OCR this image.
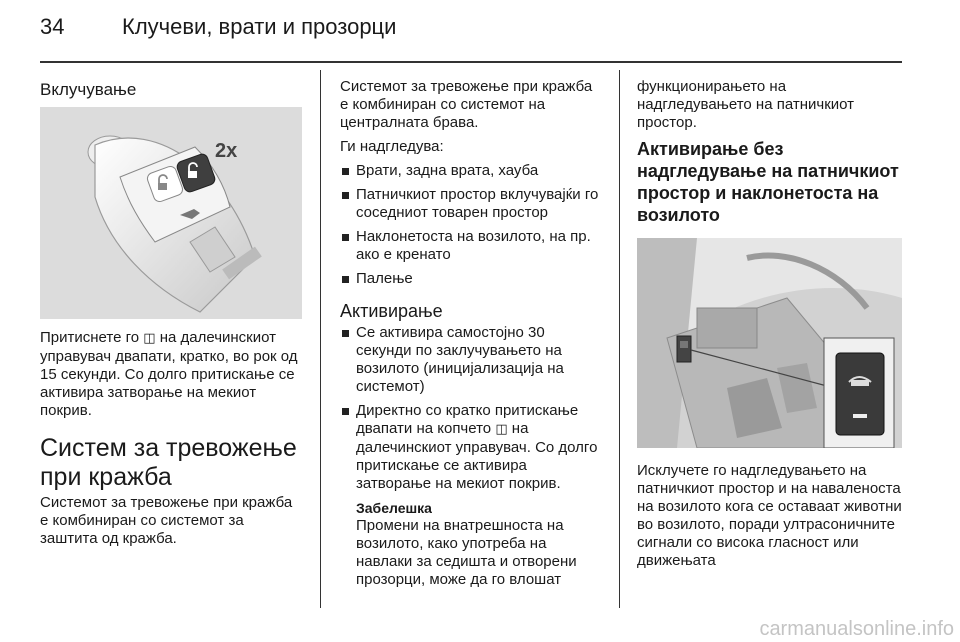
34	Клучеви, врати и прозорци
Вклучување
2x

Притиснете го ◫ на далечинскиот управувач двапати, кратко, во рок од 15 секунди. Со долго притискање се активира затворање на мекиот покрив.

Систем за тревожење при кражба

Системот за тревожење при кражба е комбиниран со системот за заштита од кражба.

Системот за тревожење при кражба е комбиниран со системот на централната брава.

Ги надгледува:

Врати, задна врата, хауба
Патничкиот простор вклучувајќи го соседниот товарен простор
Наклонетоста на возилото, на пр. ако е кренато
Палење
Активирање
Се активира самостојно 30 секунди по заклучувањето на возилото (иницијализација на системот)
Директно со кратко притискање двапати на копчето ◫ на далечинскиот управувач. Со долго притискање се активира затворање на мекиот покрив.
Забелешка
Промени на внатрешноста на возилото, како употреба на навлаки за седишта и отворени прозорци, може да го влошат

функционирањето на надгледувањето на патничкиот простор.

Активирање без надгледување на патничкиот простор и наклонетоста на возилото

Исклучете го надгледувањето на патничкиот простор и на наваленоста на возилото кога се оставаат животни во возилото, поради ултрасоничните сигнали со висока гласност или движењата

carmanualsonline.info
